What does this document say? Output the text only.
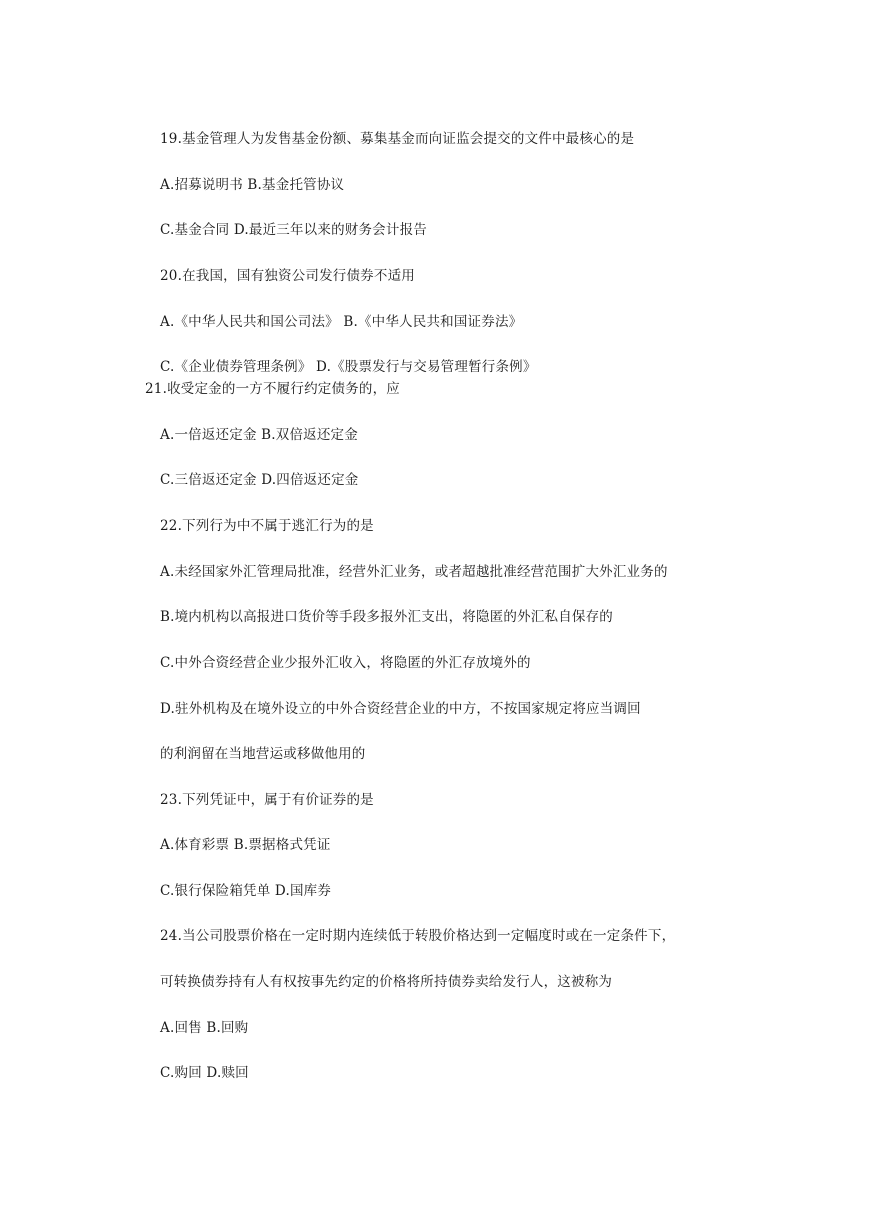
19.基金管理人为发售基金份额、募集基金而向证监会提交的文件中最核心的是
A.招募说明书 B.基金托管协议
C.基金合同 D.最近三年以来的财务会计报告
20.在我国，国有独资公司发行债券不适用
A.《中华人民共和国公司法》 B.《中华人民共和国证券法》
C.《企业债券管理条例》 D.《股票发行与交易管理暂行条例》
21.收受定金的一方不履行约定债务的，应
A.一倍返还定金 B.双倍返还定金
C.三倍返还定金 D.四倍返还定金
22.下列行为中不属于逃汇行为的是
A.未经国家外汇管理局批准，经营外汇业务，或者超越批准经营范围扩大外汇业务的
B.境内机构以高报进口货价等手段多报外汇支出，将隐匿的外汇私自保存的
C.中外合资经营企业少报外汇收入，将隐匿的外汇存放境外的
D.驻外机构及在境外设立的中外合资经营企业的中方，不按国家规定将应当调回
的利润留在当地营运或移做他用的
23.下列凭证中，属于有价证券的是
A.体育彩票 B.票据格式凭证
C.银行保险箱凭单 D.国库券
24.当公司股票价格在一定时期内连续低于转股价格达到一定幅度时或在一定条件下，
可转换债券持有人有权按事先约定的价格将所持债券卖给发行人，这被称为
A.回售 B.回购
C.购回 D.赎回
